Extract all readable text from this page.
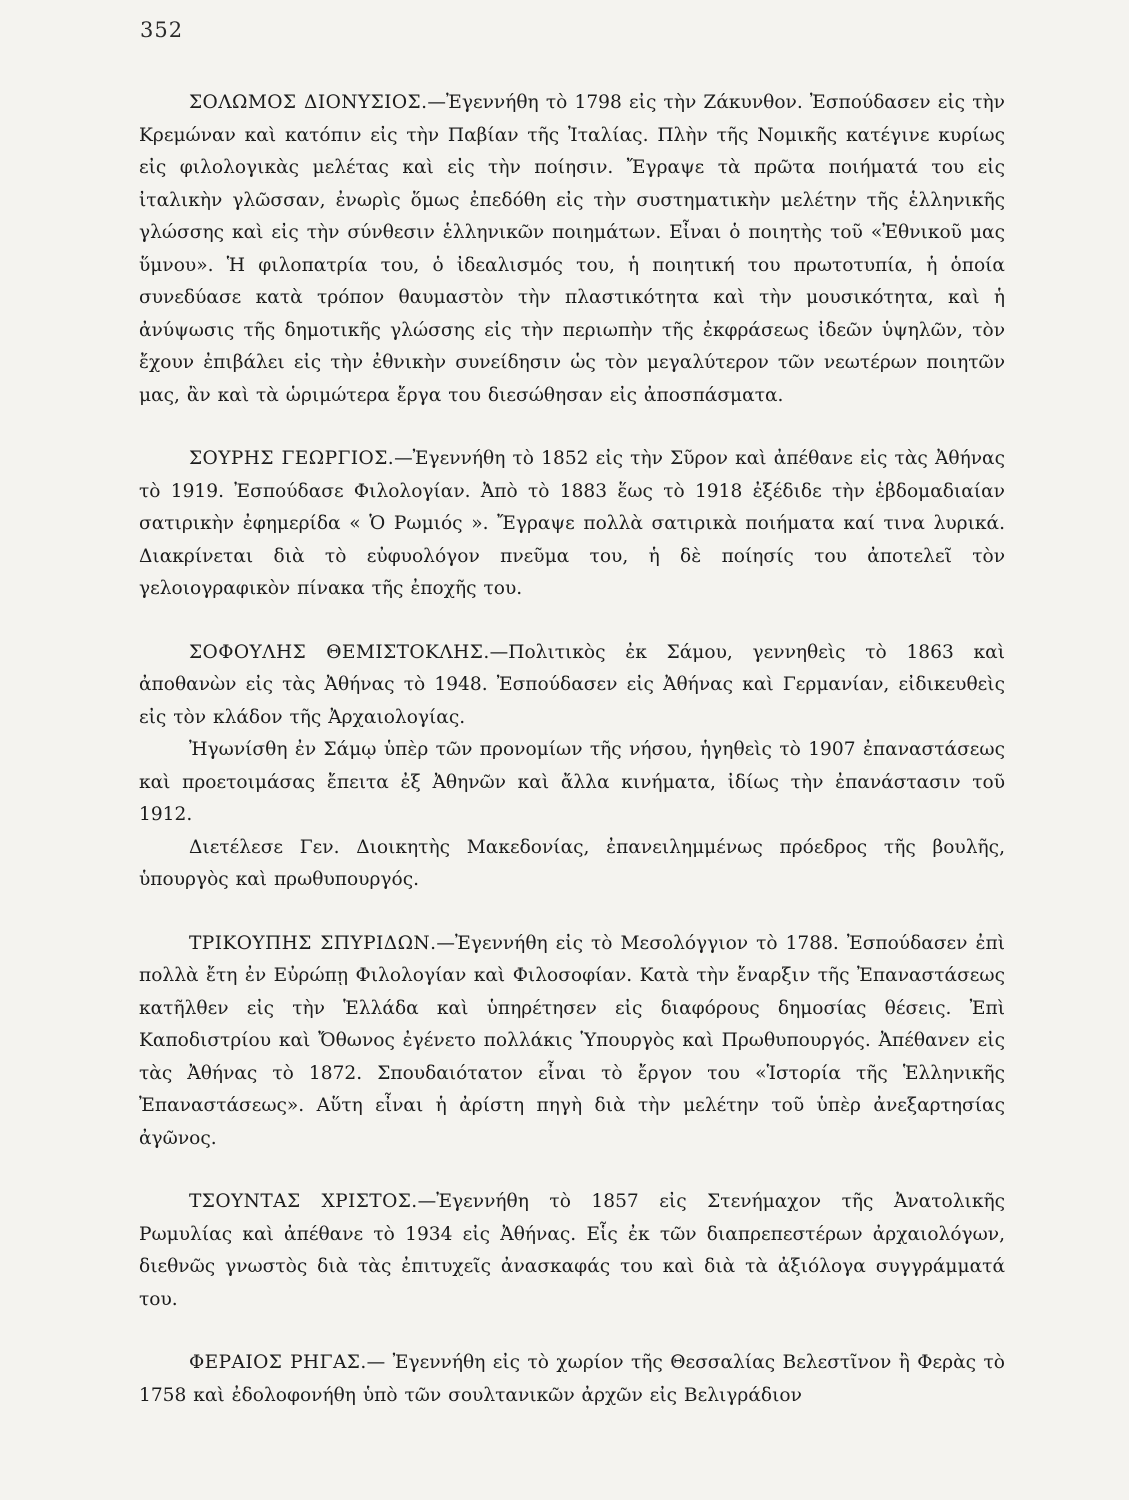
352

ΣΟΛΩΜΟΣ ΔΙΟΝΥΣΙΟΣ.—Ἐγεννήθη τὸ 1798 εἰς τὴν Ζάκυνθον. Ἐσπούδασεν εἰς τὴν Κρεμώναν καὶ κατόπιν εἰς τὴν Παβίαν τῆς Ἰταλίας. Πλὴν τῆς Νομικῆς κατέγινε κυρίως εἰς φιλολογικὰς μελέτας καὶ εἰς τὴν ποίησιν. Ἔγραψε τὰ πρῶτα ποιήματά του εἰς ἰταλικὴν γλῶσσαν, ἐνωρὶς ὅμως ἐπεδόθη εἰς τὴν συστηματικὴν μελέτην τῆς ἑλληνικῆς γλώσσης καὶ εἰς τὴν σύνθεσιν ἑλληνικῶν ποιημάτων. Εἶναι ὁ ποιητὴς τοῦ «Ἐθνικοῦ μας ὕμνου». Ἡ φιλοπατρία του, ὁ ἰδεαλισμός του, ἡ ποιητική του πρωτοτυπία, ἡ ὁποία συνεδύασε κατὰ τρόπον θαυμαστὸν τὴν πλαστικότητα καὶ τὴν μουσικότητα, καὶ ἡ ἀνύψωσις τῆς δημοτικῆς γλώσσης εἰς τὴν περιωπὴν τῆς ἐκφράσεως ἰδεῶν ὑψηλῶν, τὸν ἔχουν ἐπιβάλει εἰς τὴν ἐθνικὴν συνείδησιν ὡς τὸν μεγαλύτερον τῶν νεωτέρων ποιητῶν μας, ἂν καὶ τὰ ὡριμώτερα ἔργα του διεσώθησαν εἰς ἀποσπάσματα.

ΣΟΥΡΗΣ ΓΕΩΡΓΙΟΣ.—Ἐγεννήθη τὸ 1852 εἰς τὴν Σῦρον καὶ ἀπέθανε εἰς τὰς Ἀθήνας τὸ 1919. Ἐσπούδασε Φιλολογίαν. Ἀπὸ τὸ 1883 ἕως τὸ 1918 ἐξέδιδε τὴν ἑβδομαδιαίαν σατιρικὴν ἐφημερίδα « Ὁ Ρωμιός ». Ἔγραψε πολλὰ σατιρικὰ ποιήματα καί τινα λυρικά. Διακρίνεται διὰ τὸ εὐφυολόγον πνεῦμα του, ἡ δὲ ποίησίς του ἀποτελεῖ τὸν γελοιογραφικὸν πίνακα τῆς ἐποχῆς του.

ΣΟΦΟΥΛΗΣ ΘΕΜΙΣΤΟΚΛΗΣ.—Πολιτικὸς ἐκ Σάμου, γεννηθεὶς τὸ 1863 καὶ ἀποθανὼν εἰς τὰς Ἀθήνας τὸ 1948. Ἐσπούδασεν εἰς Ἀθήνας καὶ Γερμανίαν, εἰδικευθεὶς εἰς τὸν κλάδον τῆς Ἀρχαιολογίας.

Ἠγωνίσθη ἐν Σάμῳ ὑπὲρ τῶν προνομίων τῆς νήσου, ἡγηθεὶς τὸ 1907 ἐπαναστάσεως καὶ προετοιμάσας ἔπειτα ἐξ Ἀθηνῶν καὶ ἄλλα κινήματα, ἰδίως τὴν ἐπανάστασιν τοῦ 1912.

Διετέλεσε Γεν. Διοικητὴς Μακεδονίας, ἐπανειλημμένως πρόεδρος τῆς βουλῆς, ὑπουργὸς καὶ πρωθυπουργός.

ΤΡΙΚΟΥΠΗΣ ΣΠΥΡΙΔΩΝ.—Ἐγεννήθη εἰς τὸ Μεσολόγγιον τὸ 1788. Ἐσπούδασεν ἐπὶ πολλὰ ἔτη ἐν Εὐρώπῃ Φιλολογίαν καὶ Φιλοσοφίαν. Κατὰ τὴν ἔναρξιν τῆς Ἐπαναστάσεως κατῆλθεν εἰς τὴν Ἑλλάδα καὶ ὑπηρέτησεν εἰς διαφόρους δημοσίας θέσεις. Ἐπὶ Καποδιστρίου καὶ Ὄθωνος ἐγένετο πολλάκις Ὑπουργὸς καὶ Πρωθυπουργός. Ἀπέθανεν εἰς τὰς Ἀθήνας τὸ 1872. Σπουδαιότατον εἶναι τὸ ἔργον του «Ἱστορία τῆς Ἑλληνικῆς Ἐπαναστάσεως». Αὕτη εἶναι ἡ ἀρίστη πηγὴ διὰ τὴν μελέτην τοῦ ὑπὲρ ἀνεξαρτησίας ἀγῶνος.

ΤΣΟΥΝΤΑΣ ΧΡΙΣΤΟΣ.—Ἐγεννήθη τὸ 1857 εἰς Στενήμαχον τῆς Ἀνατολικῆς Ρωμυλίας καὶ ἀπέθανε τὸ 1934 εἰς Ἀθήνας. Εἷς ἐκ τῶν διαπρεπεστέρων ἀρχαιολόγων, διεθνῶς γνωστὸς διὰ τὰς ἐπιτυχεῖς ἀνασκαφάς του καὶ διὰ τὰ ἀξιόλογα συγγράμματά του.

ΦΕΡΑΙΟΣ ΡΗΓΑΣ.— Ἐγεννήθη εἰς τὸ χωρίον τῆς Θεσσαλίας Βελεστῖνον ἢ Φερὰς τὸ 1758 καὶ ἐδολοφονήθη ὑπὸ τῶν σουλτανικῶν ἀρχῶν εἰς Βελιγράδιον
